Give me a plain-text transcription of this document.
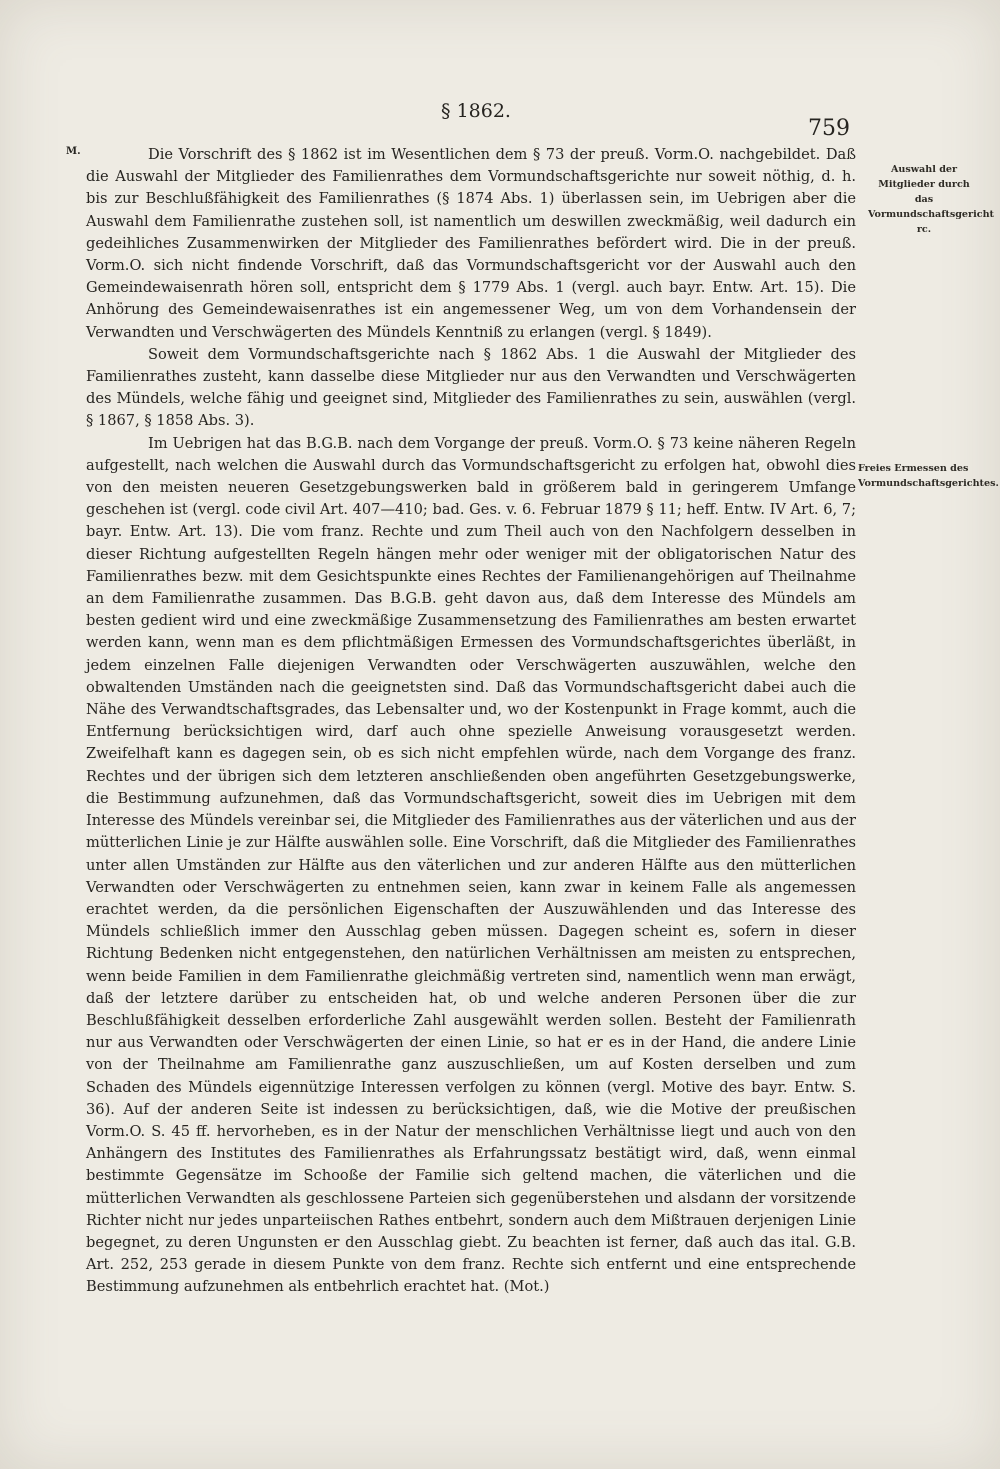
§ 1862.
759
M.	Die Vorschrift des § 1862 ist im Wesentlichen dem § 73 der preuß. Vorm.O. nachgebildet. Daß die Auswahl der Mitglieder des Familienrathes dem Vormundschaftsgerichte nur soweit nöthig, d. h. bis zur Beschlußfähigkeit des Familienrathes (§ 1874 Abs. 1) überlassen sein, im Uebrigen aber die Auswahl dem Familienrathe zustehen soll, ist namentlich um deswillen zweckmäßig, weil dadurch ein gedeihliches Zusammenwirken der Mitglieder des Familienrathes befördert wird. Die in der preuß. Vorm.O. sich nicht findende Vorschrift, daß das Vormundschaftsgericht vor der Auswahl auch den Gemeindewaisenrath hören soll, entspricht dem § 1779 Abs. 1 (vergl. auch bayr. Entw. Art. 15). Die Anhörung des Gemeindewaisenrathes ist ein angemessener Weg, um von dem Vorhandensein der Verwandten und Verschwägerten des Mündels Kenntniß zu erlangen (vergl. § 1849).

Soweit dem Vormundschaftsgerichte nach § 1862 Abs. 1 die Auswahl der Mitglieder des Familienrathes zusteht, kann dasselbe diese Mitglieder nur aus den Verwandten und Verschwägerten des Mündels, welche fähig und geeignet sind, Mitglieder des Familienrathes zu sein, auswählen (vergl. § 1867, § 1858 Abs. 3).

Im Uebrigen hat das B.G.B. nach dem Vorgange der preuß. Vorm.O. § 73 keine näheren Regeln aufgestellt, nach welchen die Auswahl durch das Vormundschaftsgericht zu erfolgen hat, obwohl dies von den meisten neueren Gesetzgebungswerken bald in größerem bald in geringerem Umfange geschehen ist (vergl. code civil Art. 407—410; bad. Ges. v. 6. Februar 1879 § 11; heff. Entw. IV Art. 6, 7; bayr. Entw. Art. 13). Die vom franz. Rechte und zum Theil auch von den Nachfolgern desselben in dieser Richtung aufgestellten Regeln hängen mehr oder weniger mit der obligatorischen Natur des Familienrathes bezw. mit dem Gesichtspunkte eines Rechtes der Familienangehörigen auf Theilnahme an dem Familienrathe zusammen. Das B.G.B. geht davon aus, daß dem Interesse des Mündels am besten gedient wird und eine zweckmäßige Zusammensetzung des Familienrathes am besten erwartet werden kann, wenn man es dem pflichtmäßigen Ermessen des Vormundschaftsgerichtes überläßt, in jedem einzelnen Falle diejenigen Verwandten oder Verschwägerten auszuwählen, welche den obwaltenden Umständen nach die geeignetsten sind. Daß das Vormundschaftsgericht dabei auch die Nähe des Verwandtschaftsgrades, das Lebensalter und, wo der Kostenpunkt in Frage kommt, auch die Entfernung berücksichtigen wird, darf auch ohne spezielle Anweisung vorausgesetzt werden. Zweifelhaft kann es dagegen sein, ob es sich nicht empfehlen würde, nach dem Vorgange des franz. Rechtes und der übrigen sich dem letzteren anschließenden oben angeführten Gesetzgebungswerke, die Bestimmung aufzunehmen, daß das Vormundschaftsgericht, soweit dies im Uebrigen mit dem Interesse des Mündels vereinbar sei, die Mitglieder des Familienrathes aus der väterlichen und aus der mütterlichen Linie je zur Hälfte auswählen solle. Eine Vorschrift, daß die Mitglieder des Familienrathes unter allen Umständen zur Hälfte aus den väterlichen und zur anderen Hälfte aus den mütterlichen Verwandten oder Verschwägerten zu entnehmen seien, kann zwar in keinem Falle als angemessen erachtet werden, da die persönlichen Eigenschaften der Auszuwählenden und das Interesse des Mündels schließlich immer den Ausschlag geben müssen. Dagegen scheint es, sofern in dieser Richtung Bedenken nicht entgegenstehen, den natürlichen Verhältnissen am meisten zu entsprechen, wenn beide Familien in dem Familienrathe gleichmäßig vertreten sind, namentlich wenn man erwägt, daß der letztere darüber zu entscheiden hat, ob und welche anderen Personen über die zur Beschlußfähigkeit desselben erforderliche Zahl ausgewählt werden sollen. Besteht der Familienrath nur aus Verwandten oder Verschwägerten der einen Linie, so hat er es in der Hand, die andere Linie von der Theilnahme am Familienrathe ganz auszuschließen, um auf Kosten derselben und zum Schaden des Mündels eigennützige Interessen verfolgen zu können (vergl. Motive des bayr. Entw. S. 36). Auf der anderen Seite ist indessen zu berücksichtigen, daß, wie die Motive der preußischen Vorm.O. S. 45 ff. hervorheben, es in der Natur der menschlichen Verhältnisse liegt und auch von den Anhängern des Institutes des Familienrathes als Erfahrungssatz bestätigt wird, daß, wenn einmal bestimmte Gegensätze im Schooße der Familie sich geltend machen, die väterlichen und die mütterlichen Verwandten als geschlossene Parteien sich gegenüberstehen und alsdann der vorsitzende Richter nicht nur jedes unparteiischen Rathes entbehrt, sondern auch dem Mißtrauen derjenigen Linie begegnet, zu deren Ungunsten er den Ausschlag giebt. Zu beachten ist ferner, daß auch das ital. G.B. Art. 252, 253 gerade in diesem Punkte von dem franz. Rechte sich entfernt und eine entsprechende Bestimmung aufzunehmen als entbehrlich erachtet hat. (Mot.)

Auswahl der Mitglieder durch das Vormundschaftsgericht rc.
Freies Ermessen des Vormundschaftsgerichtes.
